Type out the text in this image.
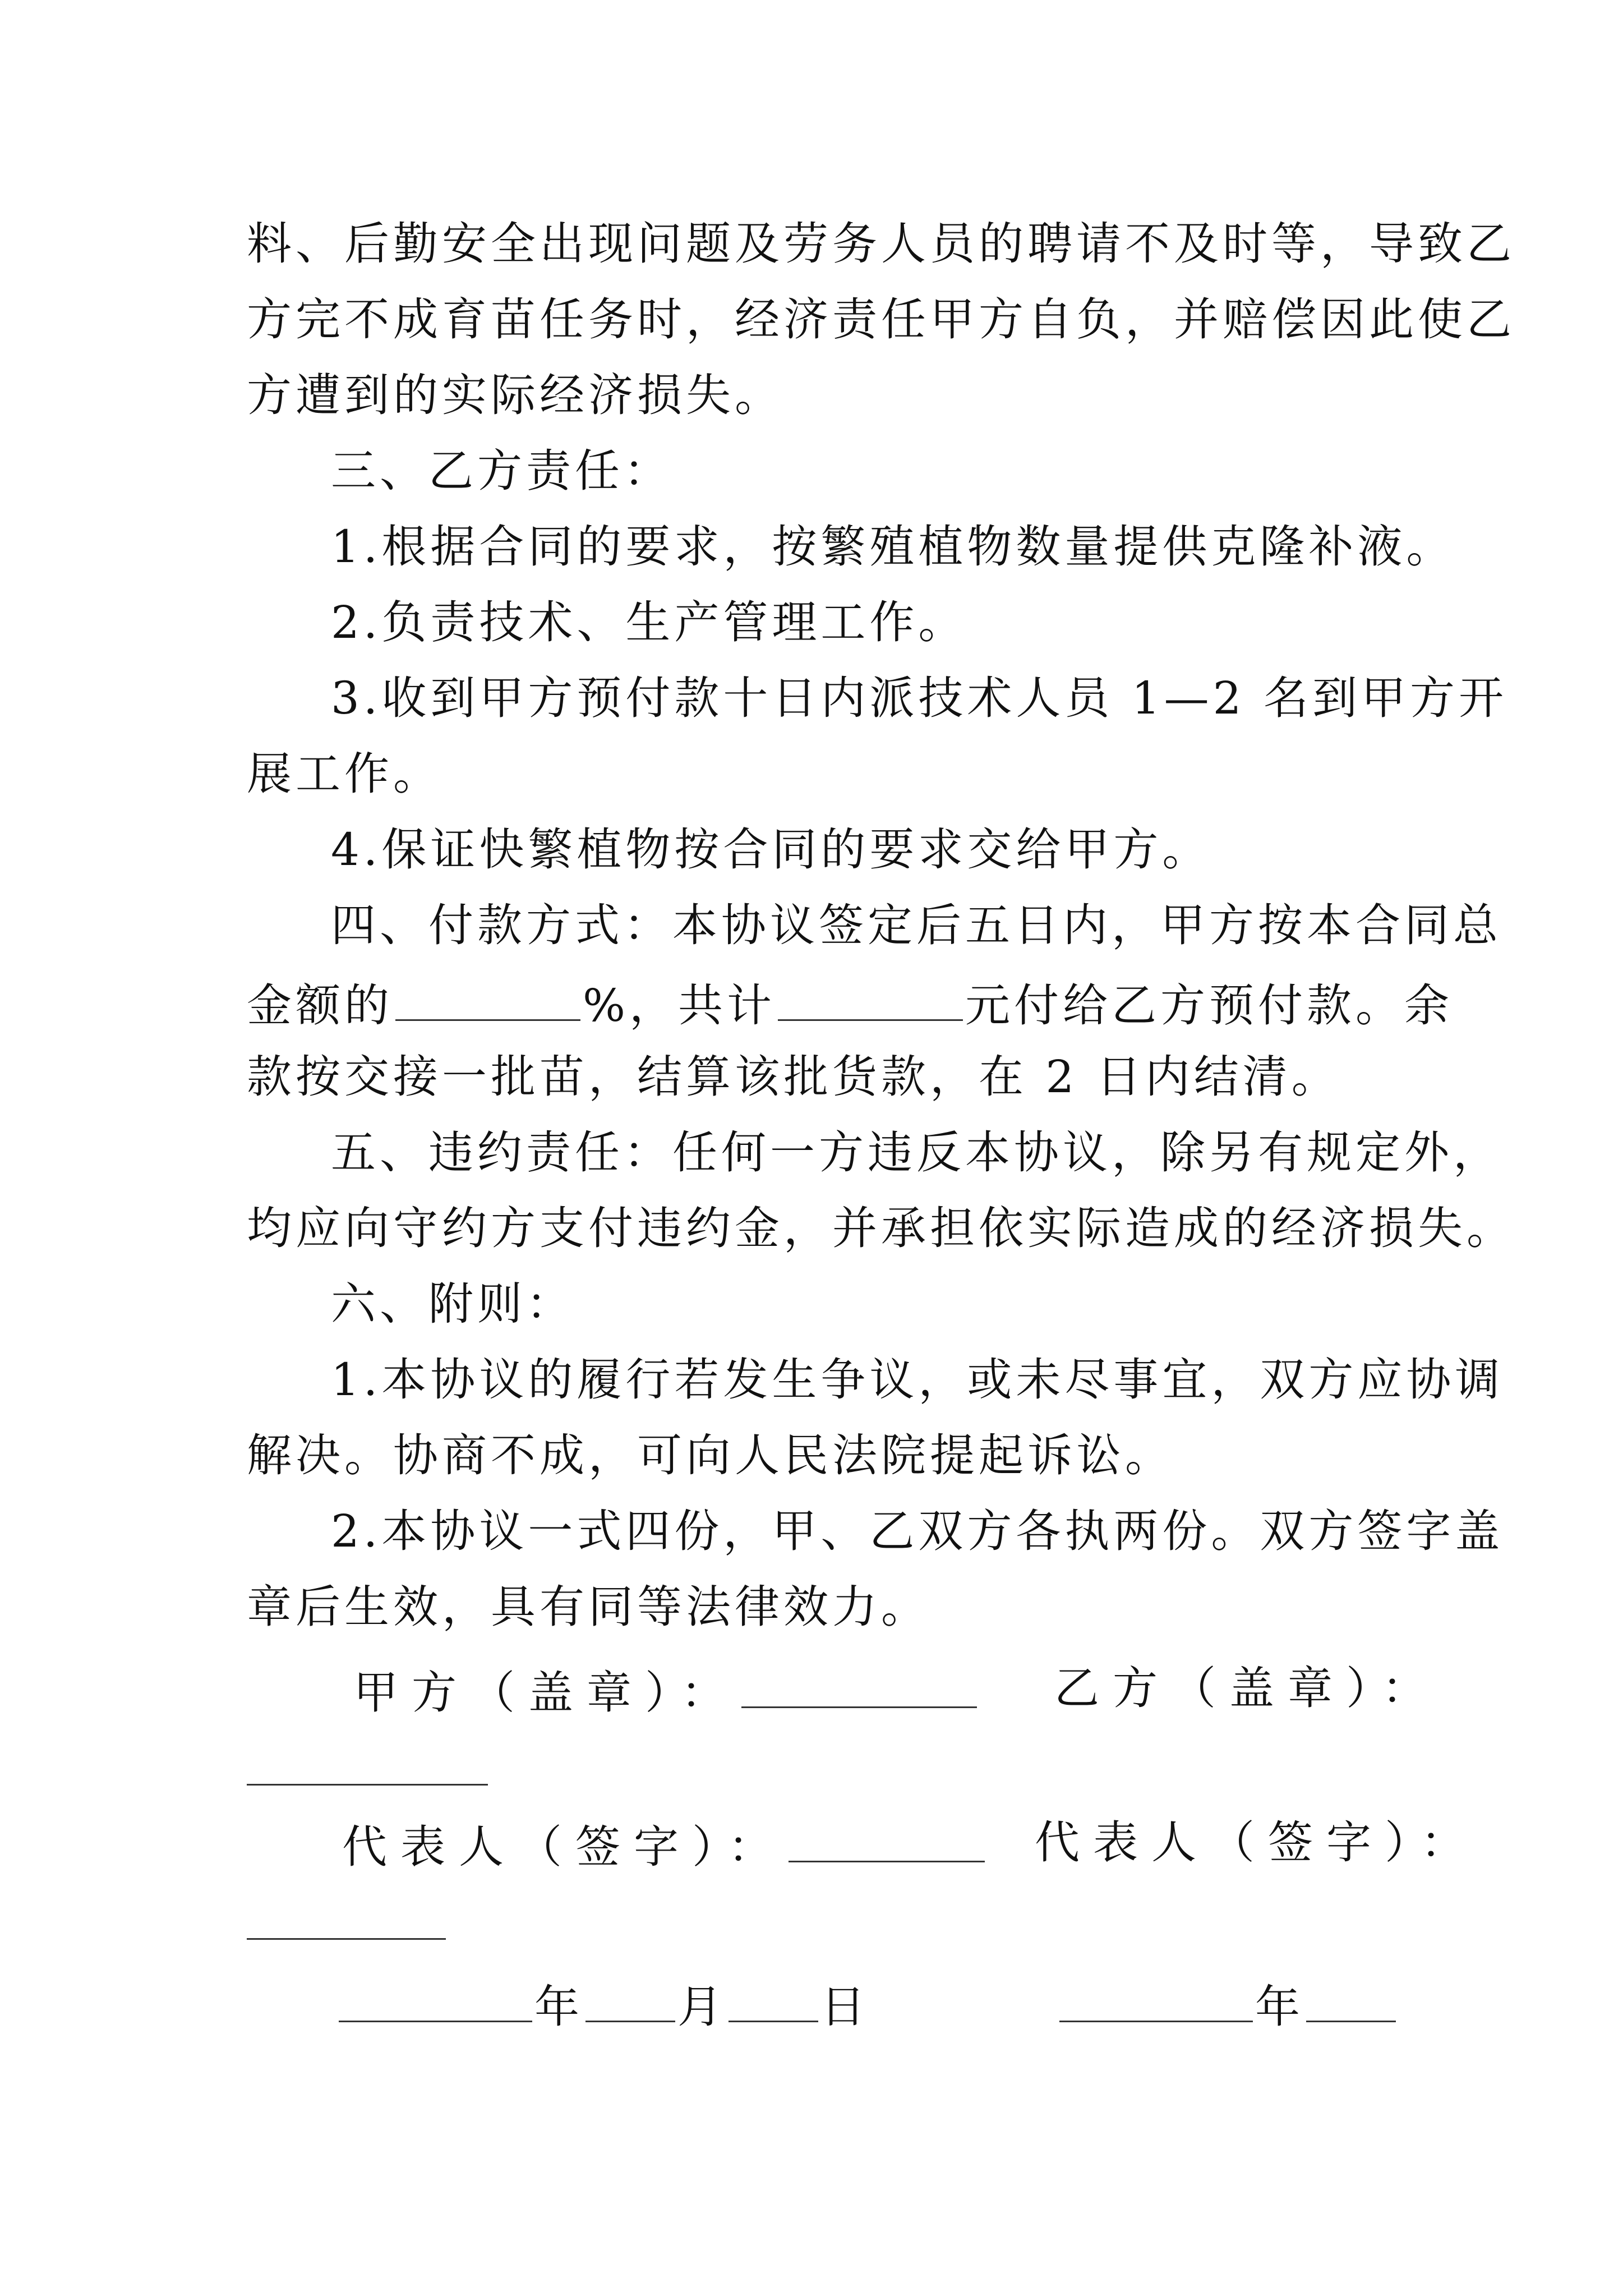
料、后勤安全出现问题及劳务人员的聘请不及时等，导致乙
方完不成育苗任务时，经济责任甲方自负，并赔偿因此使乙
方遭到的实际经济损失。
三、乙方责任：
1.根据合同的要求，按繁殖植物数量提供克隆补液。
2.负责技术、生产管理工作。
3.收到甲方预付款十日内派技术人员 1—2 名到甲方开
展工作。
4.保证快繁植物按合同的要求交给甲方。
四、付款方式：本协议签定后五日内，甲方按本合同总
金额的	%，共计	元付给乙方预付款。余
款按交接一批苗，结算该批货款，在 2 日内结清。
五、违约责任：任何一方违反本协议，除另有规定外，
均应向守约方支付违约金，并承担依实际造成的经济损失。
六、附则：
1.本协议的履行若发生争议，或未尽事宜，双方应协调
解决。协商不成，可向人民法院提起诉讼。
2.本协议一式四份，甲、乙双方各执两份。双方签字盖
章后生效，具有同等法律效力。
甲方（盖章）：	乙方（盖章）：
代表人（签字）：	代表人（签字）：
年 月 日	年
